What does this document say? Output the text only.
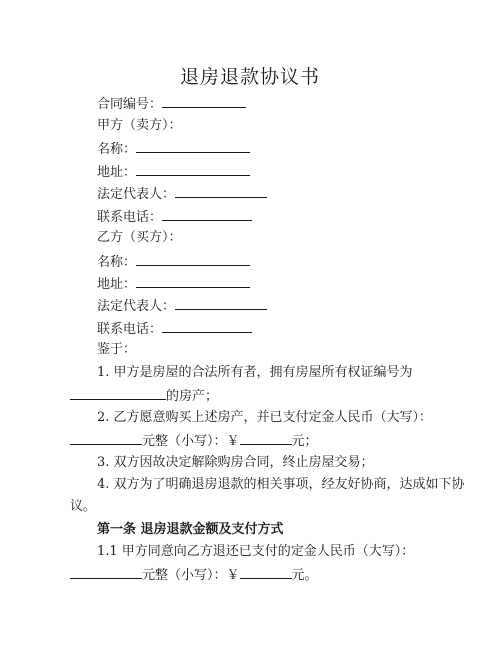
退房退款协议书
合同编号：
甲方（卖方）：
名称：
地址：
法定代表人：
联系电话：
乙方（买方）：
名称：
地址：
法定代表人：
联系电话：
鉴于：
1. 甲方是房屋的合法所有者，拥有房屋所有权证编号为
的房产；
2. 乙方愿意购买上述房产，并已支付定金人民币（大写）：
元整（小写）：￥	元；
3. 双方因故决定解除购房合同，终止房屋交易；
4. 双方为了明确退房退款的相关事项，经友好协商，达成如下协
议。
第一条 退房退款金额及支付方式
1.1 甲方同意向乙方退还已支付的定金人民币（大写）：
元整（小写）：￥	元。
